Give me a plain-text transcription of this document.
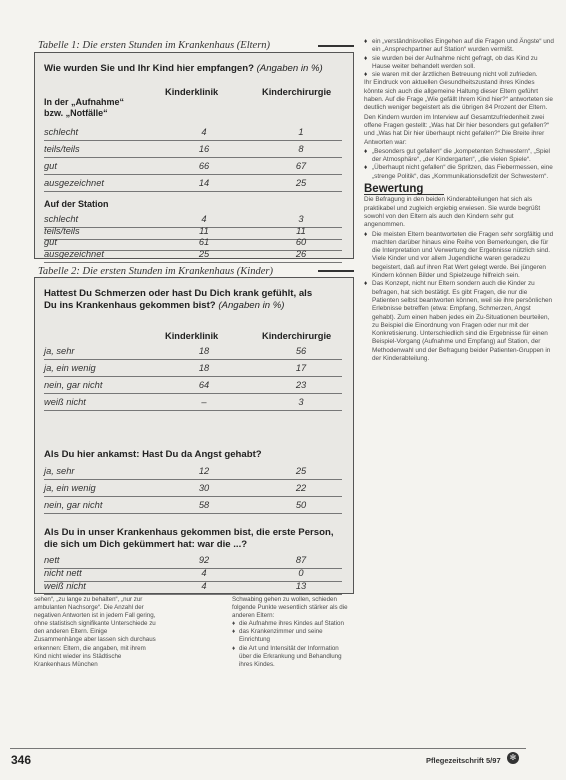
Tabelle 1: Die ersten Stunden im Krankenhaus (Eltern)
Wie wurden Sie und Ihr Kind hier empfangen? (Angaben in %)
Kinderklinik	Kinderchirurgie
In der „Aufnahme“
bzw. „Notfälle“
schlecht	4	1
teils/teils	16	8
gut	66	67
ausgezeichnet	14	25
Auf der Station
schlecht	4	3
teils/teils	11	11
gut	61	60
ausgezeichnet	25	26
Tabelle 2: Die ersten Stunden im Krankenhaus (Kinder)
Hattest Du Schmerzen oder hast Du Dich krank gefühlt, als
Du ins Krankenhaus gekommen bist? (Angaben in %)
Kinderklinik	Kinderchirurgie
ja, sehr	18	56
ja, ein wenig	18	17
nein, gar nicht	64	23
weiß nicht	–	3
Als Du hier ankamst: Hast Du da Angst gehabt?
ja, sehr	12	25
ja, ein wenig	30	22
nein, gar nicht	58	50
Als Du in unser Krankenhaus gekommen bist, die erste Person,
die sich um Dich gekümmert hat: war die ...?
nett	92	87
nicht nett	4	0
weiß nicht	4	13

♦ ein „verständnisvolles Eingehen auf die Fragen und Ängste“ und ein „Ansprechpartner auf Station“ wurden vermißt.

♦ sie wurden bei der Aufnahme nicht gefragt, ob das Kind zu Hause weiter behandelt werden soll.

♦ sie waren mit der ärztlichen Betreuung nicht voll zufrieden.

Ihr Eindruck von aktuellen Gesundheitszustand ihres Kindes könnte sich auch die allgemeine Haltung dieser Eltern geführt haben. Auf die Frage „Wie gefällt Ihrem Kind hier?“ antworteten sie deutlich weniger begeistert als die übrigen 84 Prozent der Eltern.

Den Kindern wurden im Interview auf Gesamtzufriedenheit zwei offene Fragen gestellt: „Was hat Dir hier besonders gut gefallen?“ und „Was hat Dir hier überhaupt nicht gefallen?“ Die Breite ihrer Antworten war:

♦ „Besonders gut gefallen“ die „kompetenten Schwestern“, „Spiel der Atmosphäre“, „der Kindergarten“, „die vielen Spiele“.

♦ „Überhaupt nicht gefallen“ die Spritzen, das Fiebermessen, eine „strenge Politik“, das „Kommunikationsdefizit der Schwestern“.

Bewertung

Die Befragung in den beiden Kinderabteilungen hat sich als praktikabel und zugleich ergiebig erwiesen. Sie wurde begrüßt sowohl von den Eltern als auch den Kindern sehr gut angenommen.

♦ Die meisten Eltern beantworteten die Fragen sehr sorgfältig und machten darüber hinaus eine Reihe von Bemerkungen, die für die Interpretation und Verwertung der Ergebnisse nützlich sind. Viele Kinder und vor allem Jugendliche waren geradezu begeistert, daß auf ihren Rat Wert gelegt werde. Bei jüngeren Kindern können Bilder und Spielzeuge hilfreich sein.

♦ Das Konzept, nicht nur Eltern sondern auch die Kinder zu befragen, hat sich bestätigt. Es gibt Fragen, die nur die Patienten selbst beantworten können, weil sie ihre persönlichen Erlebnisse betreffen (etwa: Empfang, Schmerzen, Angst gehabt). Zum einen haben jedes ein Zu-Situationen beurteilen, zu Beispiel die Einordnung von Fragen oder nur mit der Konkretisierung. Unterschiedlich sind die Ergebnisse für einen Beispiel-Vorgang (Aufnahme und Empfang) auf Station, der Methodenwahl und der Befragung beider Patienten-Gruppen in der Kinderabteilung.

sehen“, „zu lange zu behalten“, „nur zur ambulanten Nachsorge“. Die Anzahl der negativen Antworten ist in jedem Fall gering, ohne statistisch signifikante Unterschiede zu den anderen Eltern. Einige Zusammenhänge aber lassen sich durchaus erkennen: Eltern, die angaben, mit ihrem Kind nicht wieder ins Städtische Krankenhaus München

Schwabing gehen zu wollen, schieden folgende Punkte wesentlich stärker als die anderen Eltern:

♦ die Aufnahme ihres Kindes auf Station

♦ das Krankenzimmer und seine Einrichtung

♦ die Art und Intensität der Information über die Erkrankung und Behandlung ihres Kindes.

346	Pflegezeitschrift 5/97	✻
